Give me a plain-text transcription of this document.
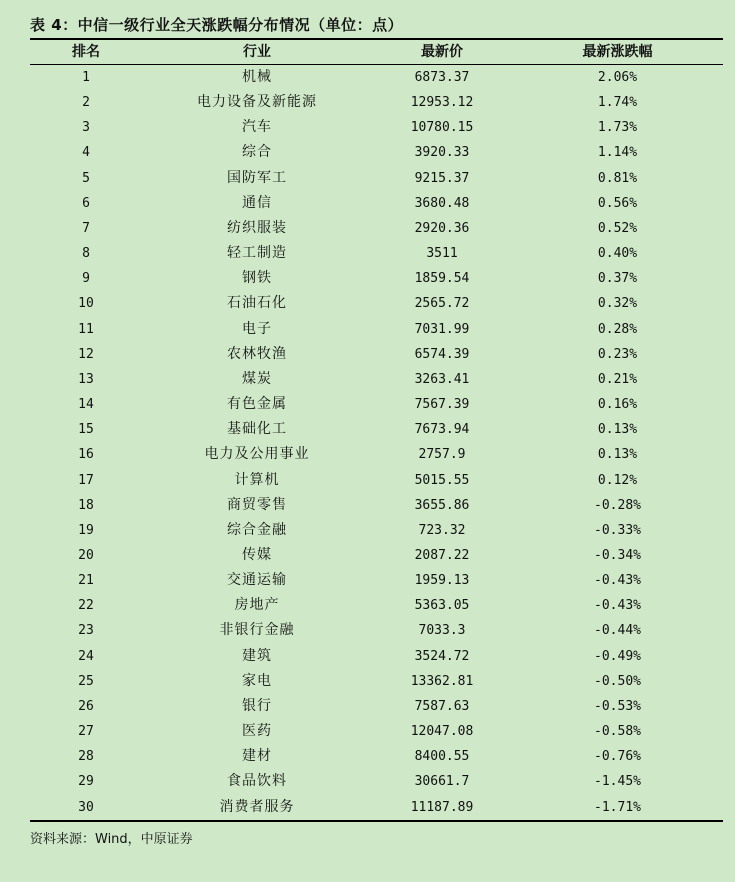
表 4：中信一级行业全天涨跌幅分布情况（单位：点）
排名	行业	最新价	最新涨跌幅
1	机械	6873.37	2.06%
2	电力设备及新能源	12953.12	1.74%
3	汽车	10780.15	1.73%
4	综合	3920.33	1.14%
5	国防军工	9215.37	0.81%
6	通信	3680.48	0.56%
7	纺织服装	2920.36	0.52%
8	轻工制造	3511	0.40%
9	钢铁	1859.54	0.37%
10	石油石化	2565.72	0.32%
11	电子	7031.99	0.28%
12	农林牧渔	6574.39	0.23%
13	煤炭	3263.41	0.21%
14	有色金属	7567.39	0.16%
15	基础化工	7673.94	0.13%
16	电力及公用事业	2757.9	0.13%
17	计算机	5015.55	0.12%
18	商贸零售	3655.86	-0.28%
19	综合金融	723.32	-0.33%
20	传媒	2087.22	-0.34%
21	交通运输	1959.13	-0.43%
22	房地产	5363.05	-0.43%
23	非银行金融	7033.3	-0.44%
24	建筑	3524.72	-0.49%
25	家电	13362.81	-0.50%
26	银行	7587.63	-0.53%
27	医药	12047.08	-0.58%
28	建材	8400.55	-0.76%
29	食品饮料	30661.7	-1.45%
30	消费者服务	11187.89	-1.71%
资料来源：Wind，中原证券
